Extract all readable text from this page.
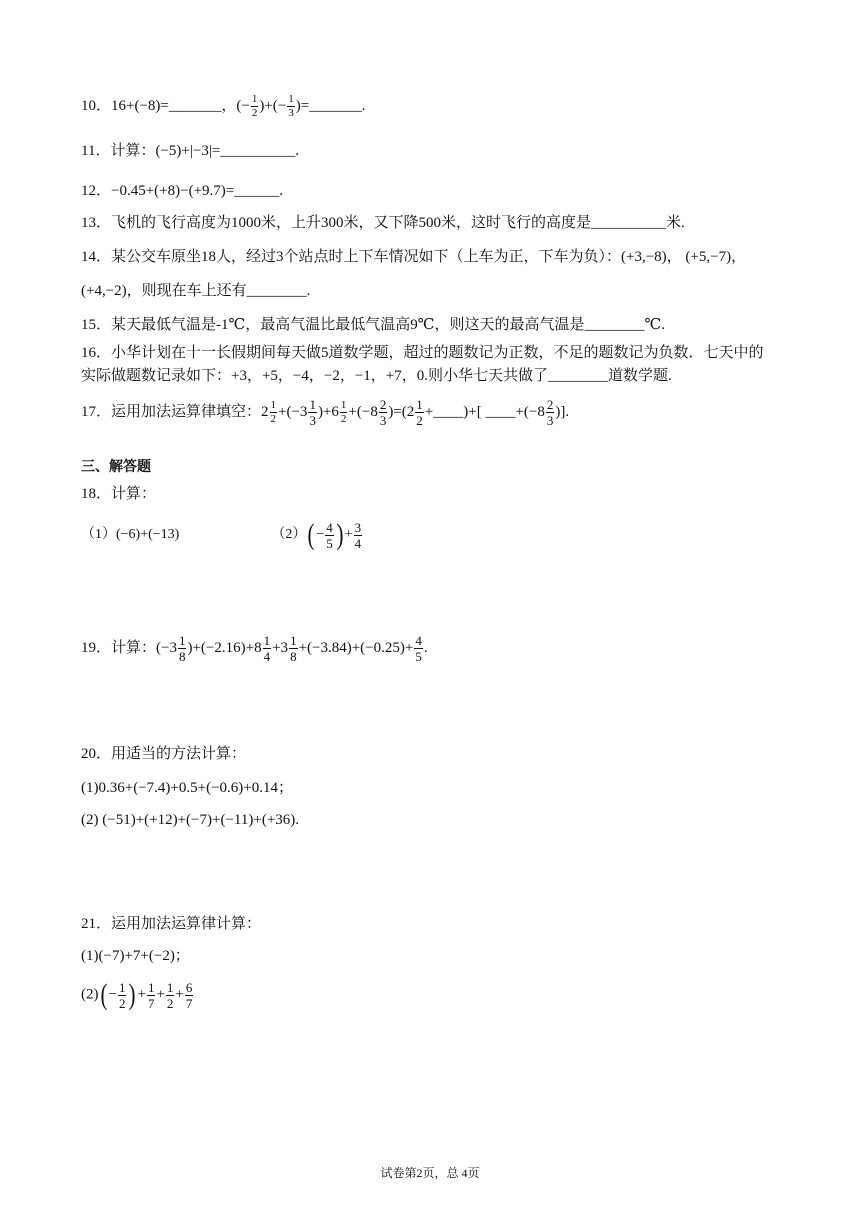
10．16+(−8)=_______，(− $\frac{1}{2}$ )+(− $\frac{1}{3}$ )=_______.
11．计算：(−5)+|−3|=__________.
12．−0.45+(+8)−(+9.7)=______.
13．飞机的飞行高度为1000米，上升300米，又下降500米，这时飞行的高度是__________米.
14．某公交车原坐18人，经过3个站点时上下车情况如下（上车为正，下车为负）：(+3,−8)， (+5,−7)，
(+4,−2)，则现在车上还有________.
15．某天最低气温是-1℃，最高气温比最低气温高9℃，则这天的最高气温是________℃.
16．小华计划在十一长假期间每天做5道数学题，超过的题数记为正数，不足的题数记为负数．七天中的
实际做题数记录如下：+3，+5，−4，−2，−1，+7，0.则小华七天共做了________道数学题.
17．运用加法运算律填空：$2 \frac{1}{2} +(-3 \frac{1}{3} )+6 \frac{1}{2} +(-8 \frac{2}{3} )=(2 \frac{1}{2}$ +____)+[ ____+(−8 $\frac{2}{3}$ )].
三、解答题
18．计算：
（1）(−6)+(−13)	$(2)( - \frac{4}{5}$ ) + $\frac{3}{4}$
19．计算：$(-3 \frac{1}{8} )+(-2.16)+8 \frac{1}{4} +3 \frac{1}{8} +(-3.84)+(-0.25)+ \frac{4}{5}$ .
20．用适当的方法计算：
(1)0.36+(−7.4)+0.5+(−0.6)+0.14；
(2) (−51)+(+12)+(−7)+(−11)+(+36).
21．运用加法运算律计算：
(1)(−7)+7+(−2)；
$(2)( - \frac{1}{2}$ ) + $\frac{1}{7} + \frac{1}{2} + \frac{6}{7}$
试卷第2页，总 4页
